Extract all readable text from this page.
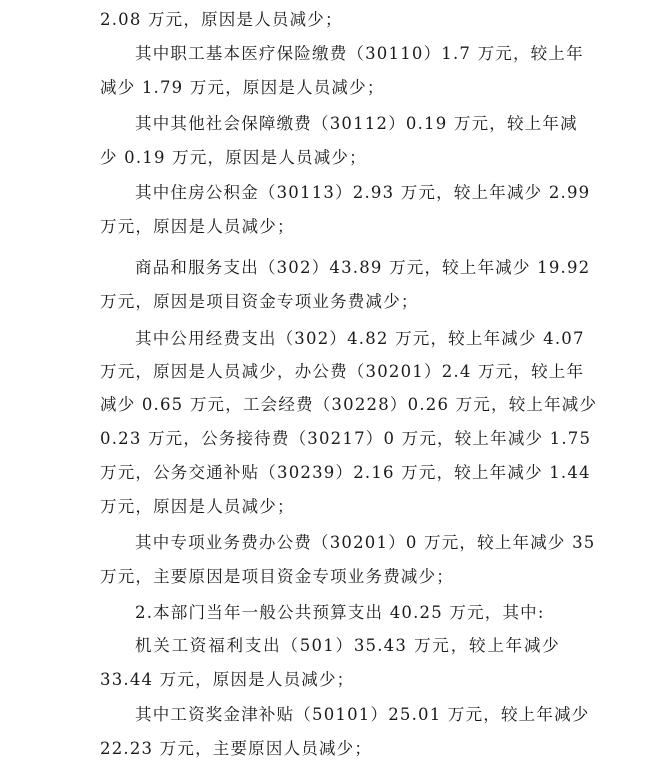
2.08 万元，原因是人员减少；
其中职工基本医疗保险缴费（30110）1.7 万元，较上年
减少 1.79 万元，原因是人员减少；
其中其他社会保障缴费（30112）0.19 万元，较上年减
少 0.19 万元，原因是人员减少；
其中住房公积金（30113）2.93 万元，较上年减少 2.99
万元，原因是人员减少；
商品和服务支出（302）43.89 万元，较上年减少 19.92
万元，原因是项目资金专项业务费减少；
其中公用经费支出（302）4.82 万元，较上年减少 4.07
万元，原因是人员减少，办公费（30201）2.4 万元，较上年
减少 0.65 万元，工会经费（30228）0.26 万元，较上年减少
0.23 万元，公务接待费（30217）0 万元，较上年减少 1.75
万元，公务交通补贴（30239）2.16 万元，较上年减少 1.44
万元，原因是人员减少；
其中专项业务费办公费（30201）0 万元，较上年减少 35
万元，主要原因是项目资金专项业务费减少；
2.本部门当年一般公共预算支出 40.25 万元，其中:
机关工资福利支出（501）35.43 万元，较上年减少
33.44 万元，原因是人员减少；
其中工资奖金津补贴（50101）25.01 万元，较上年减少
22.23 万元，主要原因人员减少；
